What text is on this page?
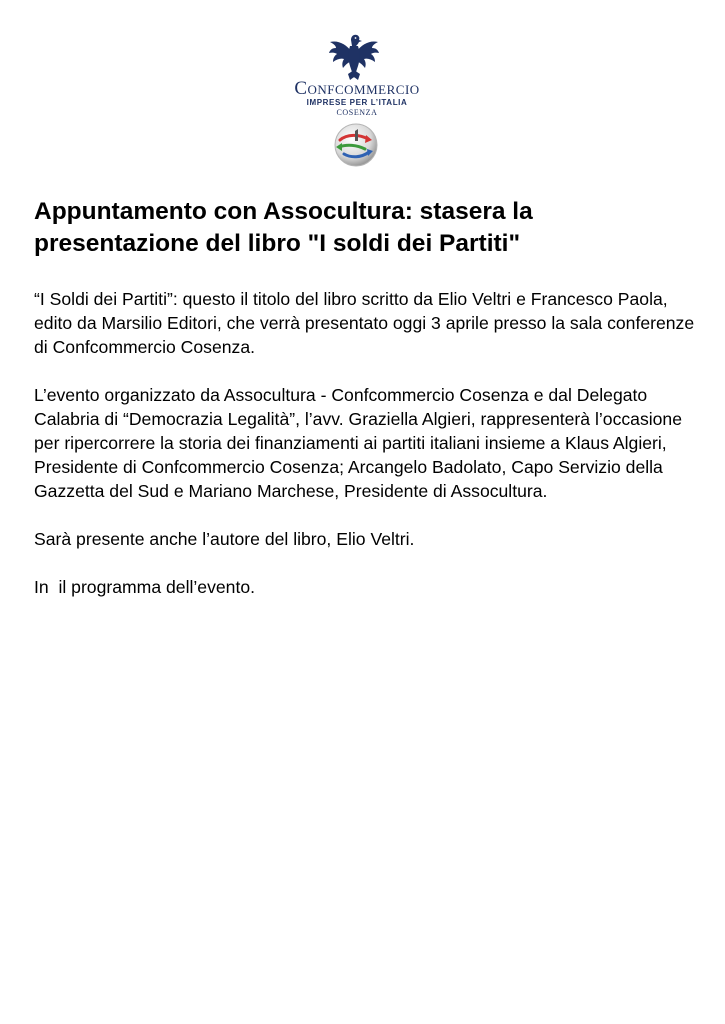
Confcommercio
IMPRESE PER L’ITALIA
COSENZA
Appuntamento con Assocultura: stasera la presentazione del libro "I soldi dei Partiti"

“I Soldi dei Partiti”: questo il titolo del libro scritto da Elio Veltri e Francesco Paola, edito da Marsilio Editori, che verrà presentato oggi 3 aprile presso la sala conferenze di Confcommercio Cosenza.

L’evento organizzato da Assocultura - Confcommercio Cosenza e dal Delegato Calabria di “Democrazia Legalità”, l’avv. Graziella Algieri, rappresenterà l’occasione per ripercorrere la storia dei finanziamenti ai partiti italiani insieme a Klaus Algieri, Presidente di Confcommercio Cosenza; Arcangelo Badolato, Capo Servizio della Gazzetta del Sud e Mariano Marchese, Presidente di Assocultura.

Sarà presente anche l’autore del libro, Elio Veltri.

In  il programma dell’evento.
